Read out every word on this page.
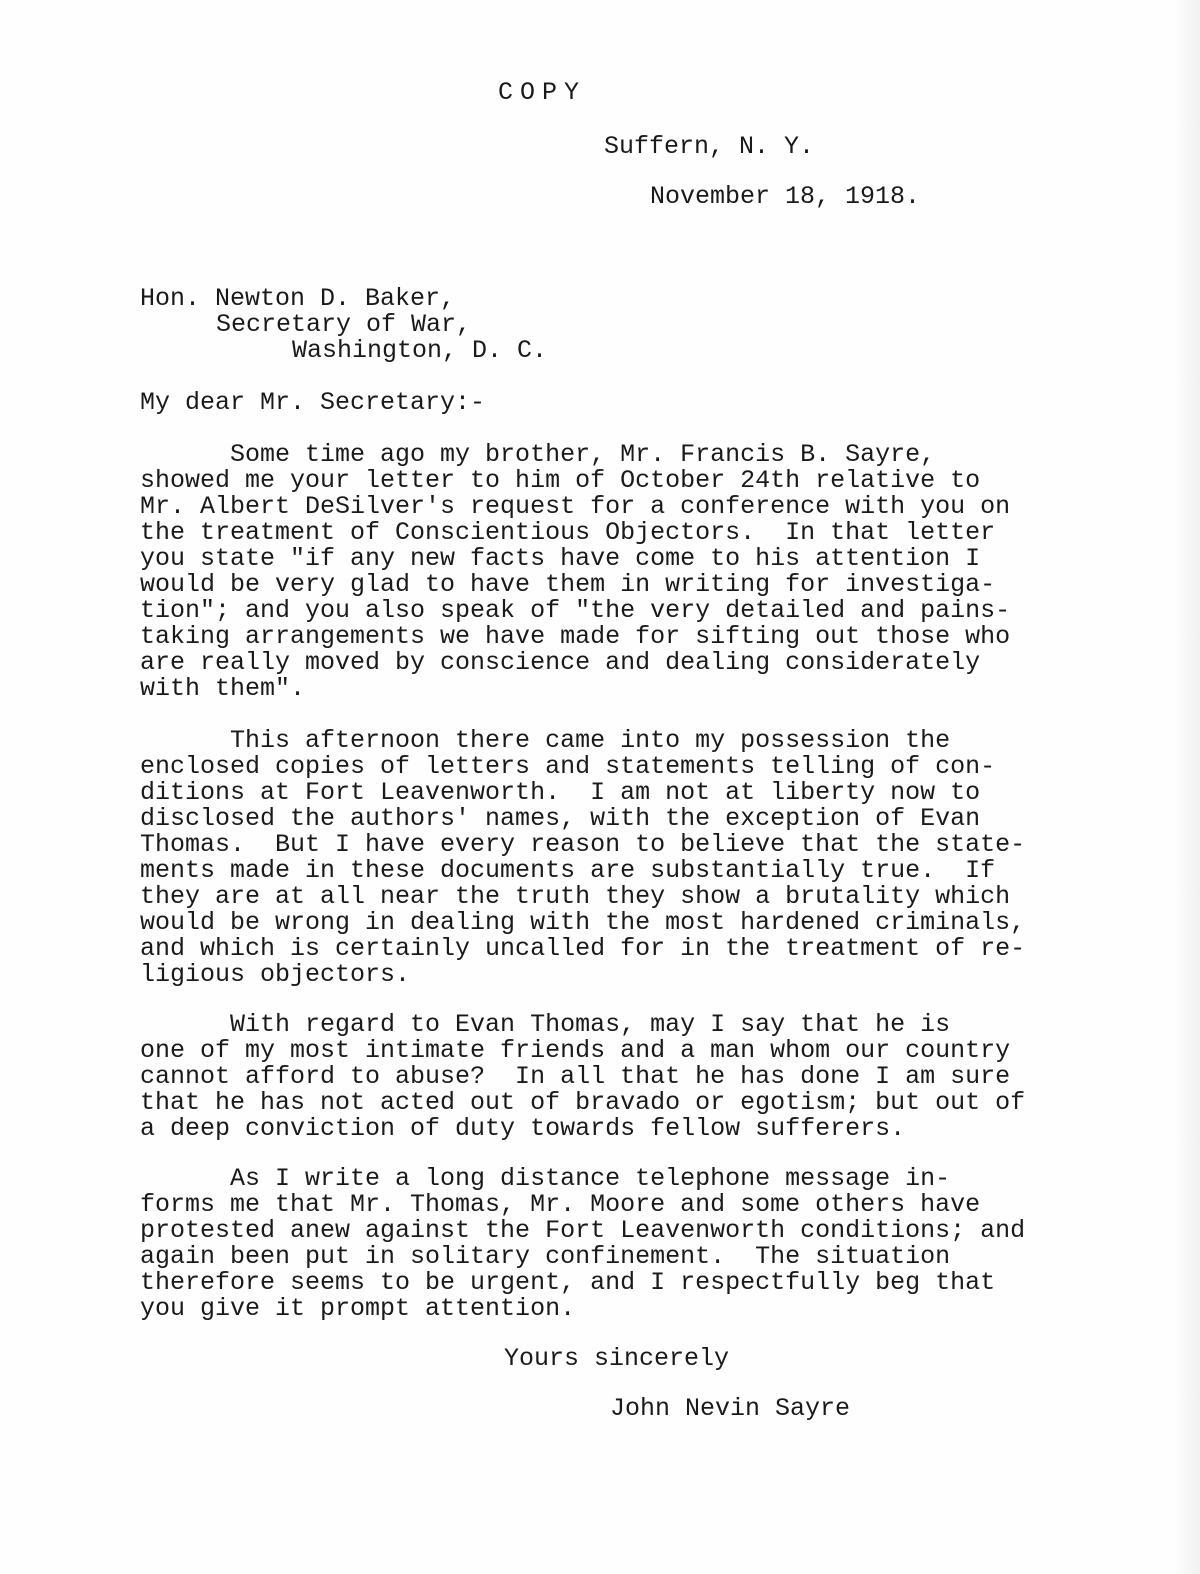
COPY
Suffern, N. Y.
November 18, 1918.
Hon. Newton D. Baker,
Secretary of War,
Washington, D. C.
My dear Mr. Secretary:-
Some time ago my brother, Mr. Francis B. Sayre,
showed me your letter to him of October 24th relative to
Mr. Albert DeSilver's request for a conference with you on
the treatment of Conscientious Objectors.  In that letter
you state "if any new facts have come to his attention I
would be very glad to have them in writing for investiga-
tion"; and you also speak of "the very detailed and pains-
taking arrangements we have made for sifting out those who
are really moved by conscience and dealing considerately
with them".
This afternoon there came into my possession the
enclosed copies of letters and statements telling of con-
ditions at Fort Leavenworth.  I am not at liberty now to
disclosed the authors' names, with the exception of Evan
Thomas.  But I have every reason to believe that the state-
ments made in these documents are substantially true.  If
they are at all near the truth they show a brutality which
would be wrong in dealing with the most hardened criminals,
and which is certainly uncalled for in the treatment of re-
ligious objectors.
With regard to Evan Thomas, may I say that he is
one of my most intimate friends and a man whom our country
cannot afford to abuse?  In all that he has done I am sure
that he has not acted out of bravado or egotism; but out of
a deep conviction of duty towards fellow sufferers.
As I write a long distance telephone message in-
forms me that Mr. Thomas, Mr. Moore and some others have
protested anew against the Fort Leavenworth conditions; and
again been put in solitary confinement.  The situation
therefore seems to be urgent, and I respectfully beg that
you give it prompt attention.
Yours sincerely
John Nevin Sayre
